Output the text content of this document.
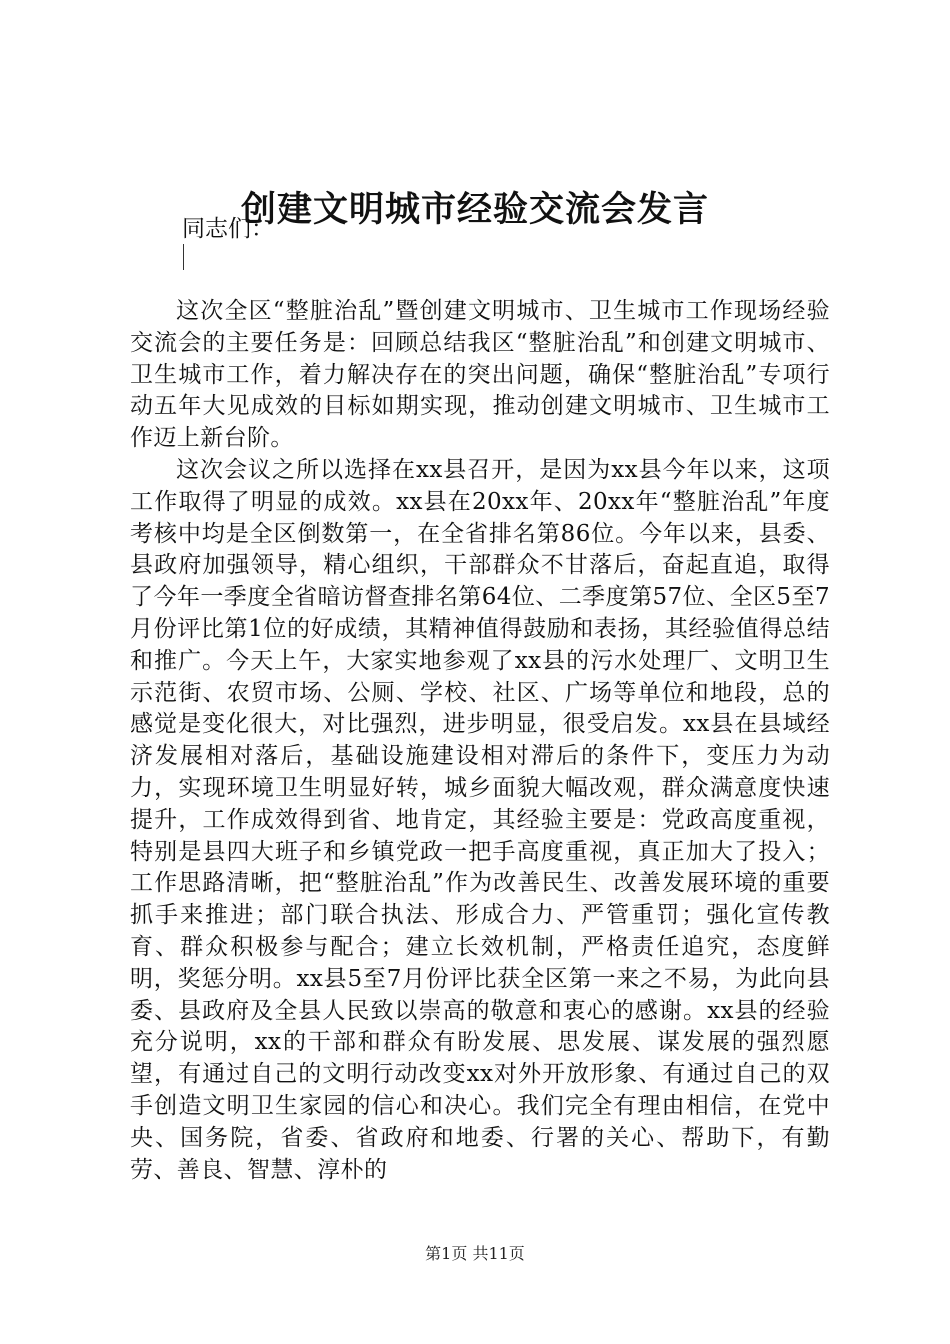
创建文明城市经验交流会发言

同志们：

这次全区“整脏治乱”暨创建文明城市、卫生城市工作现场经验交流会的主要任务是：回顾总结我区“整脏治乱”和创建文明城市、卫生城市工作，着力解决存在的突出问题，确保“整脏治乱”专项行动五年大见成效的目标如期实现，推动创建文明城市、卫生城市工作迈上新台阶。

这次会议之所以选择在xx县召开，是因为xx县今年以来，这项工作取得了明显的成效。xx县在20xx年、20xx年“整脏治乱”年度考核中均是全区倒数第一，在全省排名第86位。今年以来，县委、县政府加强领导，精心组织，干部群众不甘落后，奋起直追，取得了今年一季度全省暗访督查排名第64位、二季度第57位、全区5至7月份评比第1位的好成绩，其精神值得鼓励和表扬，其经验值得总结和推广。今天上午，大家实地参观了xx县的污水处理厂、文明卫生示范街、农贸市场、公厕、学校、社区、广场等单位和地段，总的感觉是变化很大，对比强烈，进步明显，很受启发。xx县在县域经济发展相对落后，基础设施建设相对滞后的条件下，变压力为动力，实现环境卫生明显好转，城乡面貌大幅改观，群众满意度快速提升，工作成效得到省、地肯定，其经验主要是：党政高度重视，特别是县四大班子和乡镇党政一把手高度重视，真正加大了投入；工作思路清晰，把“整脏治乱”作为改善民生、改善发展环境的重要抓手来推进；部门联合执法、形成合力、严管重罚；强化宣传教育、群众积极参与配合；建立长效机制，严格责任追究，态度鲜明，奖惩分明。xx县5至7月份评比获全区第一来之不易，为此向县委、县政府及全县人民致以崇高的敬意和衷心的感谢。xx县的经验充分说明，xx的干部和群众有盼发展、思发展、谋发展的强烈愿望，有通过自己的文明行动改变xx对外开放形象、有通过自己的双手创造文明卫生家园的信心和决心。我们完全有理由相信，在党中央、国务院，省委、省政府和地委、行署的关心、帮助下，有勤劳、善良、智慧、淳朴的

第1页 共11页
